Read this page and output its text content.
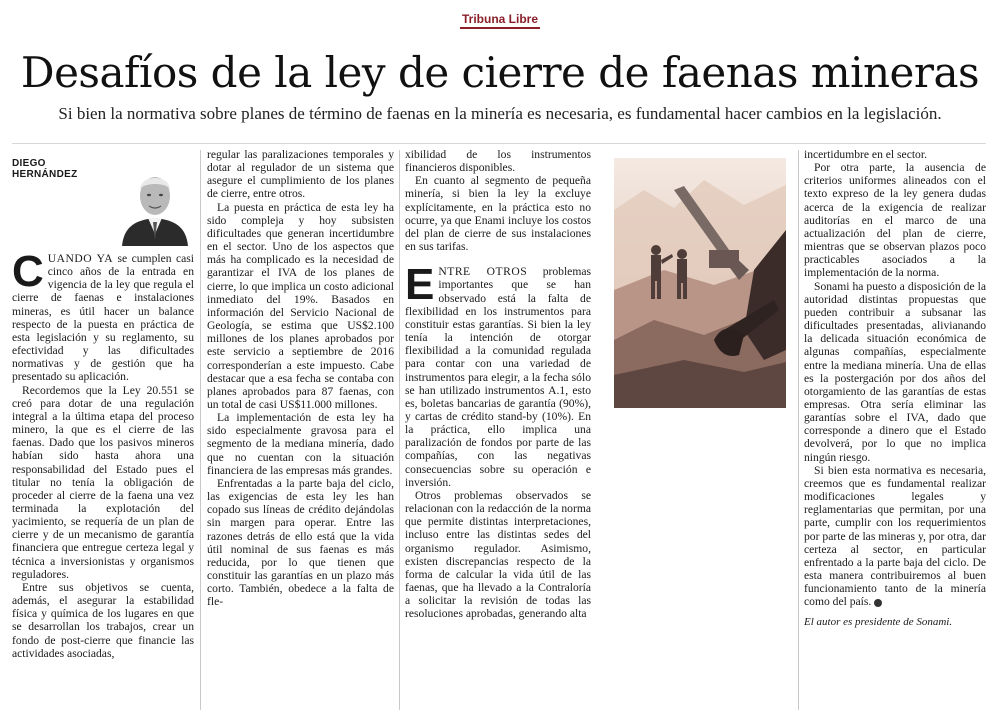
Tribuna Libre
Desafíos de la ley de cierre de faenas mineras

Si bien la normativa sobre planes de término de faenas en la minería es necesaria, es fundamental hacer cambios en la legislación.

DIEGO
HERNÁNDEZ

CUANDO YA se cumplen casi cinco años de la entrada en vigencia de la ley que regula el cierre de faenas e instalaciones mineras, es útil hacer un balance respecto de la puesta en práctica de esta legislación y su reglamento, su efectividad y las dificultades normativas y de gestión que ha presentado su aplicación.

Recordemos que la Ley 20.551 se creó para dotar de una regulación integral a la última etapa del proceso minero, la que es el cierre de las faenas. Dado que los pasivos mineros habían sido hasta ahora una responsabilidad del Estado pues el titular no tenía la obligación de proceder al cierre de la faena una vez terminada la explotación del yacimiento, se requería de un plan de cierre y de un mecanismo de garantía financiera que entregue certeza legal y técnica a inversionistas y organismos reguladores.

Entre sus objetivos se cuenta, además, el asegurar la estabilidad física y química de los lugares en que se desarrollan los trabajos, crear un fondo de post-cierre que financie las actividades asociadas,

regular las paralizaciones temporales y dotar al regulador de un sistema que asegure el cumplimiento de los planes de cierre, entre otros.

La puesta en práctica de esta ley ha sido compleja y hoy subsisten dificultades que generan incertidumbre en el sector. Uno de los aspectos que más ha complicado es la necesidad de garantizar el IVA de los planes de cierre, lo que implica un costo adicional inmediato del 19%. Basados en información del Servicio Nacional de Geología, se estima que US$2.100 millones de los planes aprobados por este servicio a septiembre de 2016 corresponderían a este impuesto. Cabe destacar que a esa fecha se contaba con planes aprobados para 87 faenas, con un total de casi US$11.000 millones.

La implementación de esta ley ha sido especialmente gravosa para el segmento de la mediana minería, dado que no cuentan con la situación financiera de las empresas más grandes.

Enfrentadas a la parte baja del ciclo, las exigencias de esta ley les han copado sus líneas de crédito dejándolas sin margen para operar. Entre las razones detrás de ello está que la vida útil nominal de sus faenas es más reducida, por lo que tienen que constituir las garantías en un plazo más corto. También, obedece a la falta de fle-

xibilidad de los instrumentos financieros disponibles.

En cuanto al segmento de pequeña minería, si bien la ley la excluye explícitamente, en la práctica esto no ocurre, ya que Enami incluye los costos del plan de cierre de sus instalaciones en sus tarifas.

ENTRE OTROS problemas importantes que se han observado está la falta de flexibilidad en los instrumentos para constituir estas garantías. Si bien la ley tenía la intención de otorgar flexibilidad a la comunidad regulada para contar con una variedad de instrumentos para elegir, a la fecha sólo se han utilizado instrumentos A.1, esto es, boletas bancarias de garantía (90%), y cartas de crédito stand-by (10%). En la práctica, ello implica una paralización de fondos por parte de las compañías, con las negativas consecuencias sobre su operación e inversión.

Otros problemas observados se relacionan con la redacción de la norma que permite distintas interpretaciones, incluso entre las distintas sedes del organismo regulador. Asimismo, existen discrepancias respecto de la forma de calcular la vida útil de las faenas, que ha llevado a la Contraloría a solicitar la revisión de todas las resoluciones aprobadas, generando alta

incertidumbre en el sector.

Por otra parte, la ausencia de criterios uniformes alineados con el texto expreso de la ley genera dudas acerca de la exigencia de realizar auditorías en el marco de una actualización del plan de cierre, mientras que se observan plazos poco practicables asociados a la implementación de la norma.

Sonami ha puesto a disposición de la autoridad distintas propuestas que pueden contribuir a subsanar las dificultades presentadas, alivianando la delicada situación económica de algunas compañías, especialmente entre la mediana minería. Una de ellas es la postergación por dos años del otorgamiento de las garantías de estas empresas. Otra sería eliminar las garantías sobre el IVA, dado que corresponde a dinero que el Estado devolverá, por lo que no implica ningún riesgo.

Si bien esta normativa es necesaria, creemos que es fundamental realizar modificaciones legales y reglamentarias que permitan, por una parte, cumplir con los requerimientos por parte de las mineras y, por otra, dar certeza al sector, en particular enfrentado a la parte baja del ciclo. De esta manera contribuiremos al buen funcionamiento tanto de la minería como del país.

El autor es presidente de Sonami.
